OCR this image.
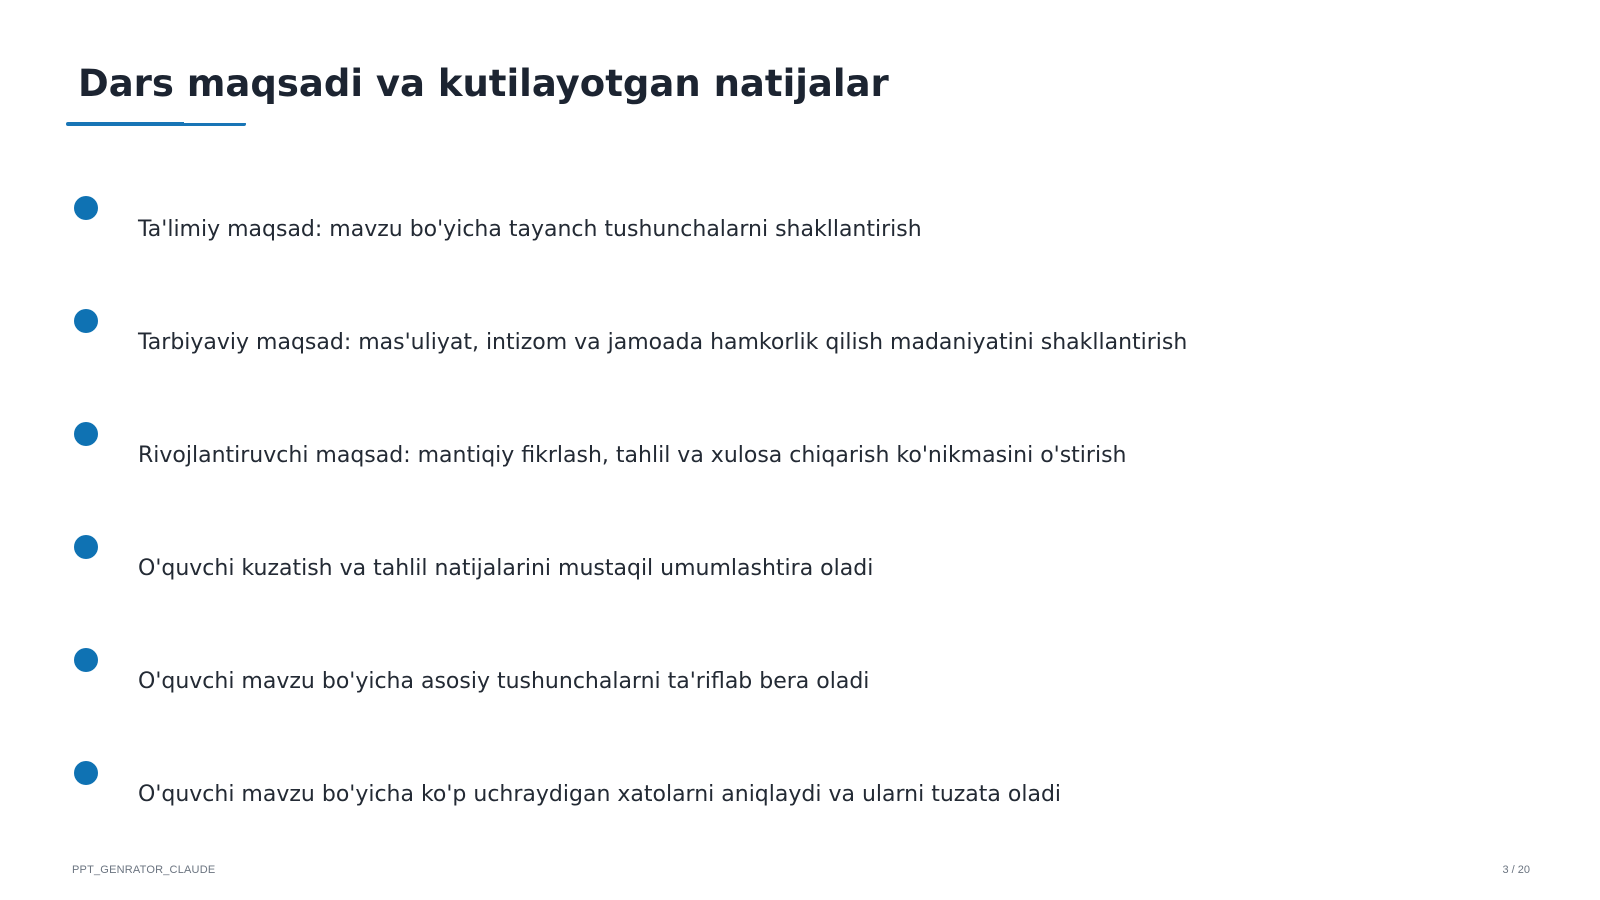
Dars maqsadi va kutilayotgan natijalar
Ta'limiy maqsad: mavzu bo'yicha tayanch tushunchalarni shakllantirish
Tarbiyaviy maqsad: mas'uliyat, intizom va jamoada hamkorlik qilish madaniyatini shakllantirish
Rivojlantiruvchi maqsad: mantiqiy fikrlash, tahlil va xulosa chiqarish ko'nikmasini o'stirish
O'quvchi kuzatish va tahlil natijalarini mustaqil umumlashtira oladi
O'quvchi mavzu bo'yicha asosiy tushunchalarni ta'riflab bera oladi
O'quvchi mavzu bo'yicha ko'p uchraydigan xatolarni aniqlaydi va ularni tuzata oladi
PPT_GENRATOR_CLAUDE	3 / 20
